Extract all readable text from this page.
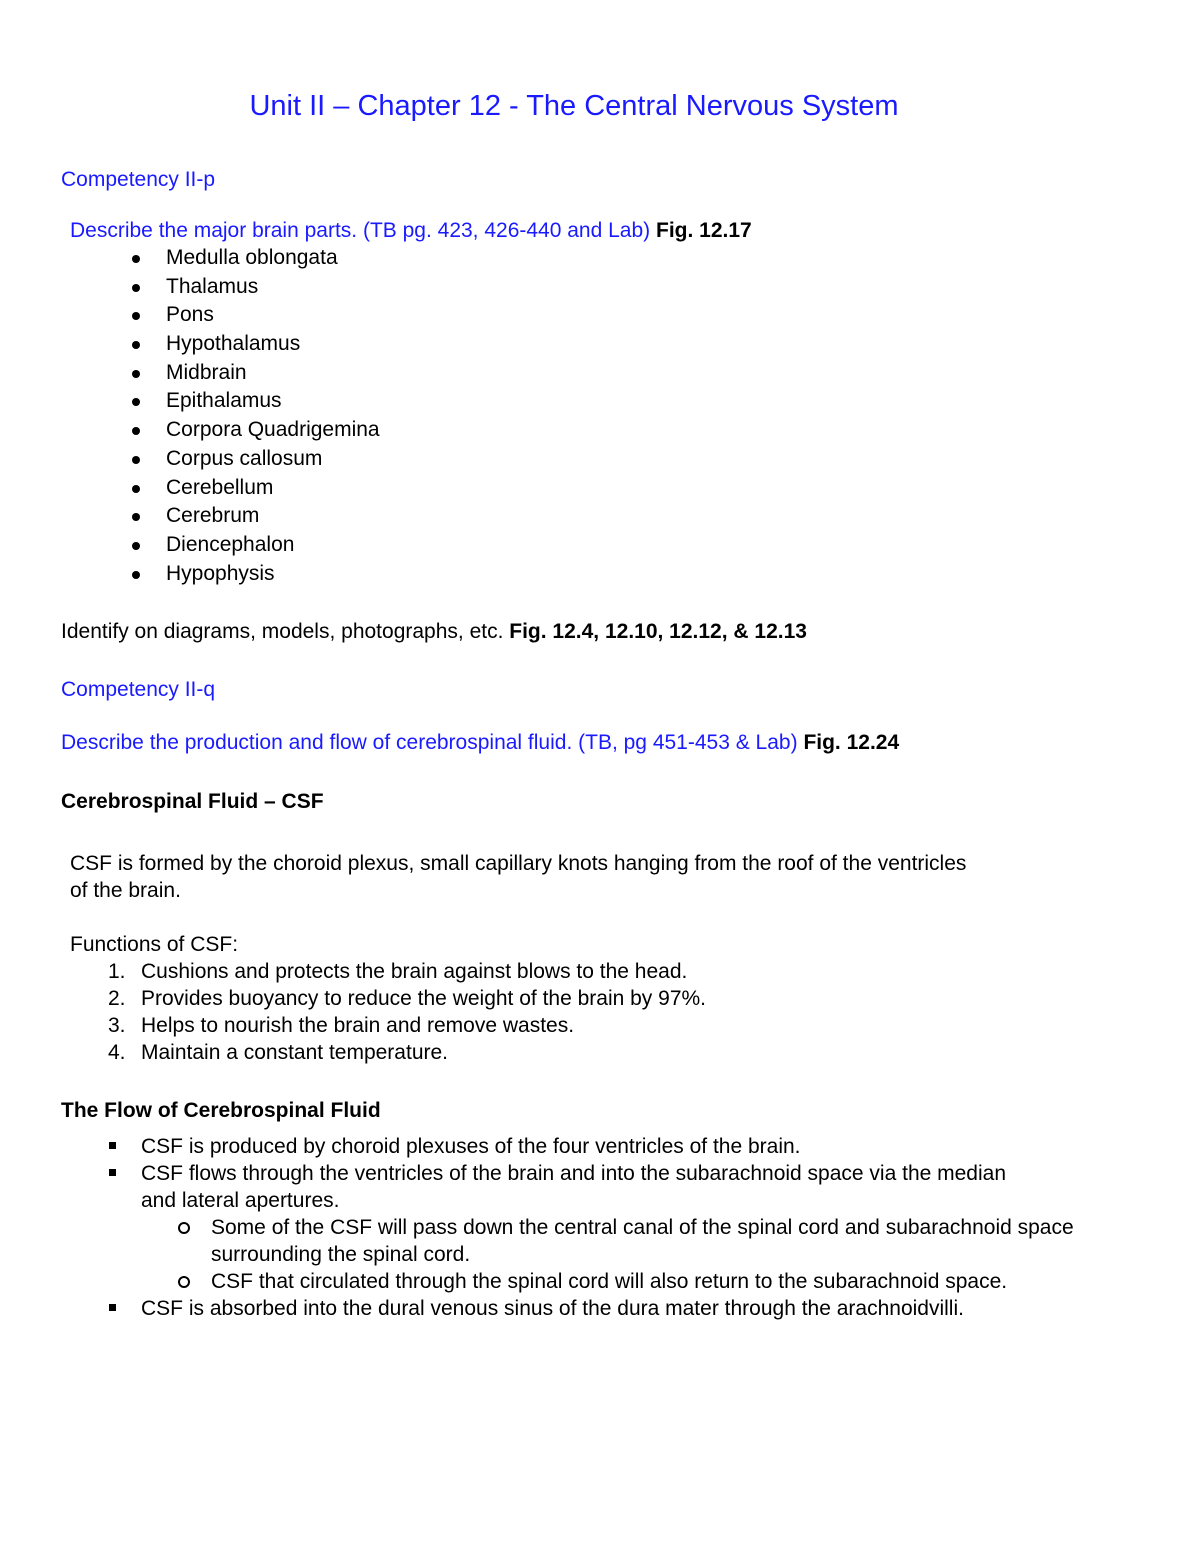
Unit II – Chapter 12 - The Central Nervous System
Competency II-p
Describe the major brain parts. (TB pg. 423, 426-440 and Lab) Fig. 12.17
Medulla oblongata
Thalamus
Pons
Hypothalamus
Midbrain
Epithalamus
Corpora Quadrigemina
Corpus callosum
Cerebellum
Cerebrum
Diencephalon
Hypophysis
Identify on diagrams, models, photographs, etc. Fig. 12.4, 12.10, 12.12, & 12.13
Competency II-q
Describe the production and flow of cerebrospinal fluid. (TB, pg 451-453 & Lab) Fig. 12.24
Cerebrospinal Fluid – CSF
CSF is formed by the choroid plexus, small capillary knots hanging from the roof of the ventricles
of the brain.
Functions of CSF:
1. Cushions and protects the brain against blows to the head.
2. Provides buoyancy to reduce the weight of the brain by 97%.
3. Helps to nourish the brain and remove wastes.
4. Maintain a constant temperature.
The Flow of Cerebrospinal Fluid
CSF is produced by choroid plexuses of the four ventricles of the brain.
CSF flows through the ventricles of the brain and into the subarachnoid space via the median and lateral apertures.
Some of the CSF will pass down the central canal of the spinal cord and subarachnoid space surrounding the spinal cord.
CSF that circulated through the spinal cord will also return to the subarachnoid space.
CSF is absorbed into the dural venous sinus of the dura mater through the arachnoidvilli.
